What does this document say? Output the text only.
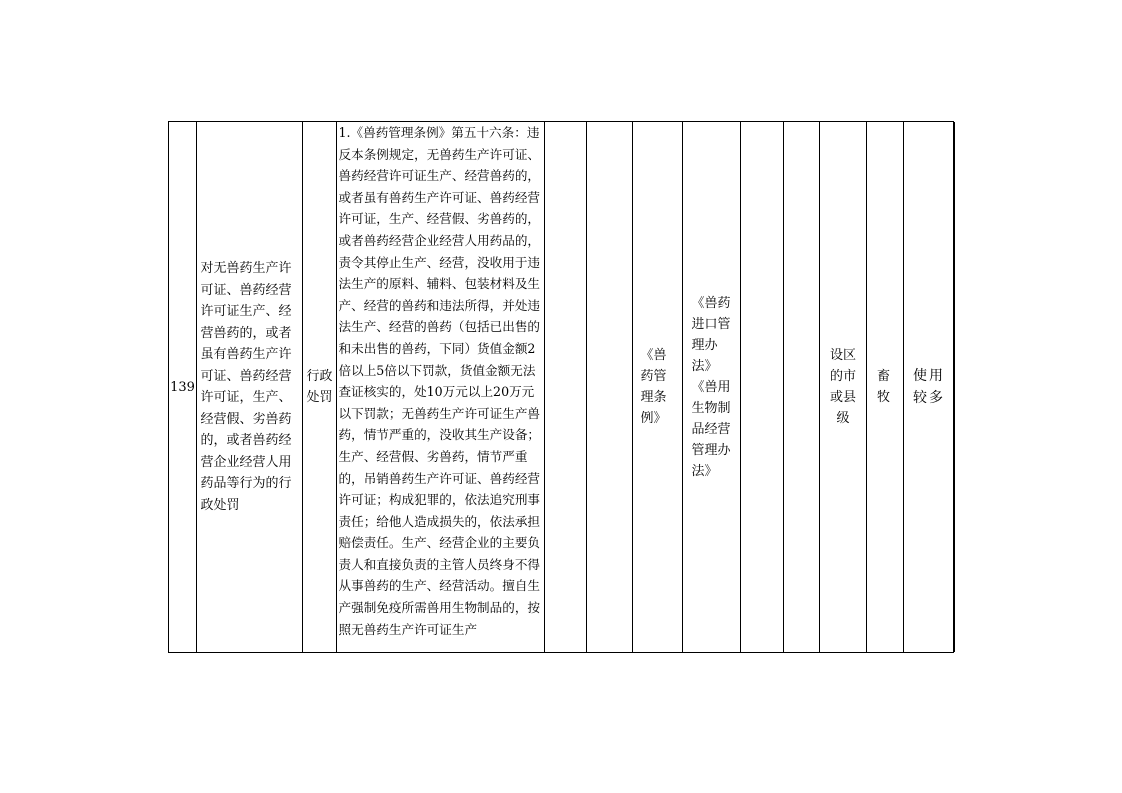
139
对无兽药生产许可证、兽药经营许可证生产、经营兽药的，或者虽有兽药生产许可证、兽药经营许可证，生产、经营假、劣兽药的，或者兽药经营企业经营人用药品等行为的行政处罚
行政处罚
1.《兽药管理条例》第五十六条：违反本条例规定，无兽药生产许可证、兽药经营许可证生产、经营兽药的，或者虽有兽药生产许可证、兽药经营许可证，生产、经营假、劣兽药的，或者兽药经营企业经营人用药品的，责令其停止生产、经营，没收用于违法生产的原料、辅料、包装材料及生产、经营的兽药和违法所得，并处违法生产、经营的兽药（包括已出售的和未出售的兽药，下同）货值金额2倍以上5倍以下罚款，货值金额无法查证核实的，处10万元以上20万元以下罚款；无兽药生产许可证生产兽药，情节严重的，没收其生产设备；生产、经营假、劣兽药，情节严重的，吊销兽药生产许可证、兽药经营许可证；构成犯罪的，依法追究刑事责任；给他人造成损失的，依法承担赔偿责任。生产、经营企业的主要负责人和直接负责的主管人员终身不得从事兽药的生产、经营活动。擅自生产强制免疫所需兽用生物制品的，按照无兽药生产许可证生产
《兽药管理条例》
《兽药进口管理办法》《兽用生物制品经营管理办法》
设区的市或县级
畜牧
使用较多
